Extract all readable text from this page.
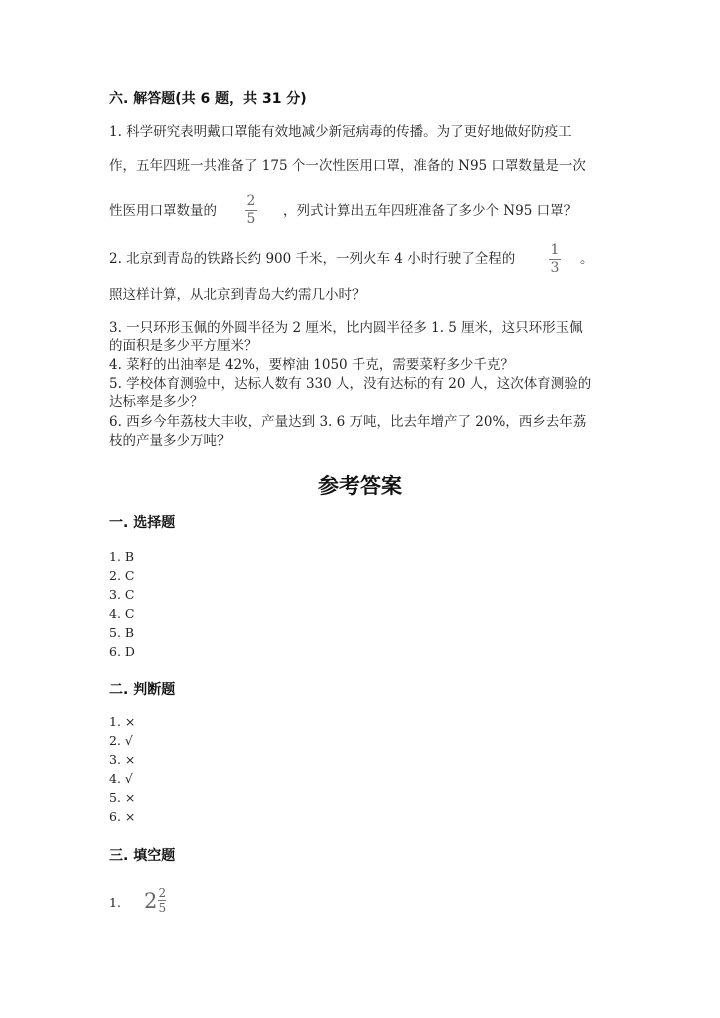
六. 解答题(共 6 题，共 31 分)
1. 科学研究表明戴口罩能有效地减少新冠病毒的传播。为了更好地做好防疫工
作，五年四班一共准备了 175 个一次性医用口罩，准备的 N95 口罩数量是一次
性医用口罩数量的
2
5 ，列式计算出五年四班准备了多少个 N95 口罩？
2. 北京到青岛的铁路长约 900 千米，一列火车 4 小时行驶了全程的
1
3
。
照这样计算，从北京到青岛大约需几小时？
3. 一只环形玉佩的外圆半径为 2 厘米，比内圆半径多 1. 5 厘米，这只环形玉佩
的面积是多少平方厘米？
4. 菜籽的出油率是 42%，要榨油 1050 千克，需要菜籽多少千克？
5. 学校体育测验中，达标人数有 330 人，没有达标的有 20 人，这次体育测验的
达标率是多少？
6. 西乡今年荔枝大丰收，产量达到 3. 6 万吨，比去年增产了 20%，西乡去年荔
枝的产量多少万吨？
参考答案
一. 选择题
1. B
2. C
3. C
4. C
5. B
6. D
二. 判断题
1. ×
2. √
3. ×
4. √
5. ×
6. ×
三. 填空题
1. 2 2
5
